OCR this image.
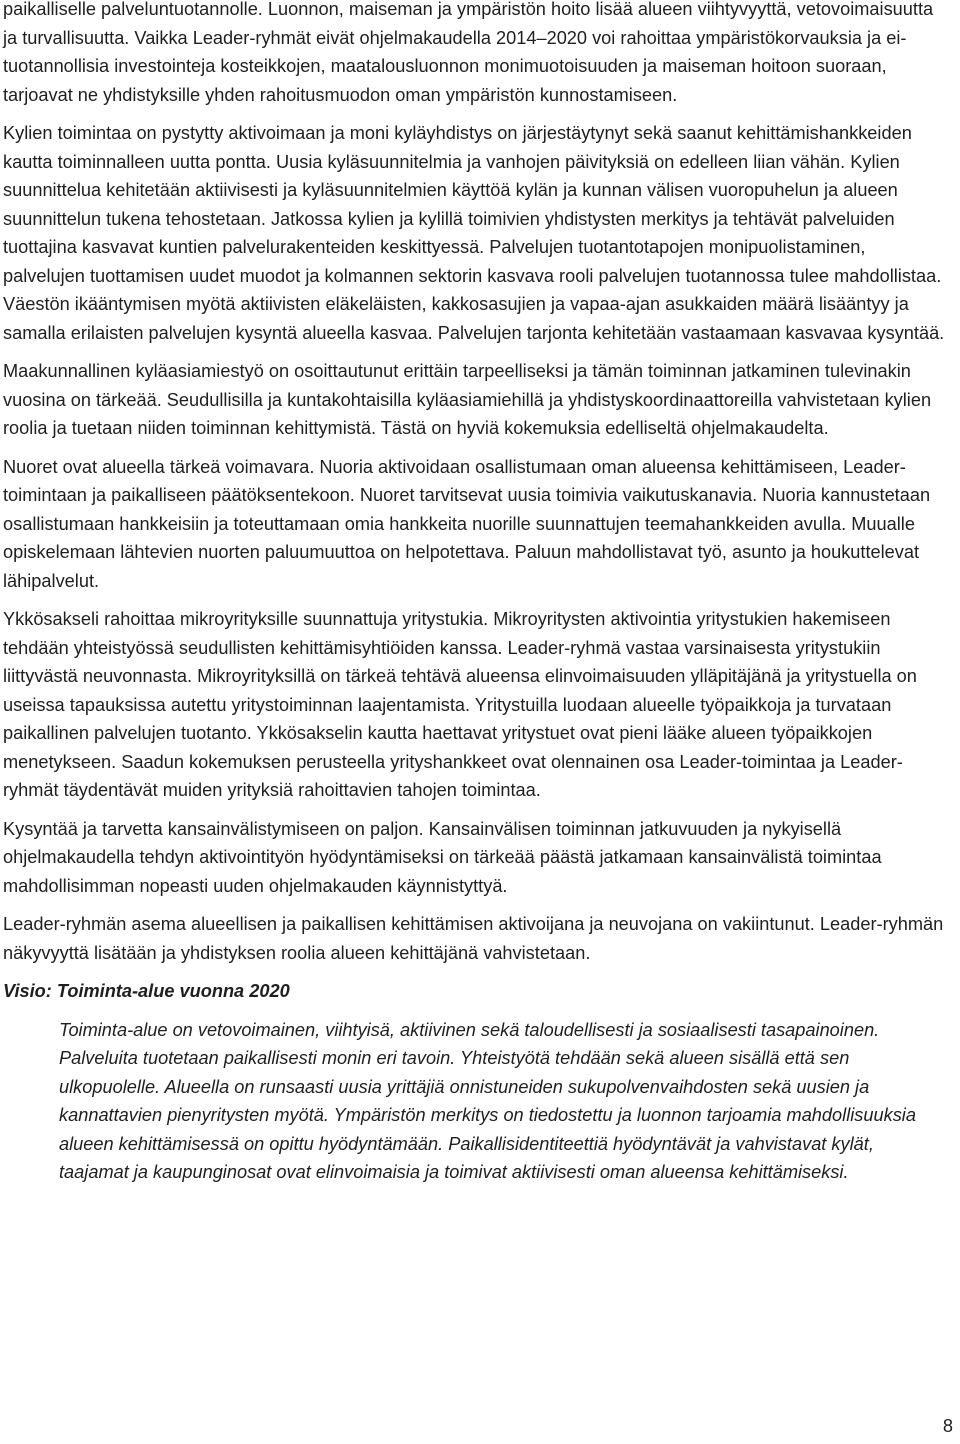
paikalliselle palveluntuotannolle. Luonnon, maiseman ja ympäristön hoito lisää alueen viihtyvyyttä, vetovoimaisuutta ja turvallisuutta. Vaikka Leader-ryhmät eivät ohjelmakaudella 2014–2020 voi rahoittaa ympäristökorvauksia ja ei-tuotannollisia investointeja kosteikkojen, maatalousluonnon monimuotoisuuden ja maiseman hoitoon suoraan, tarjoavat ne yhdistyksille yhden rahoitusmuodon oman ympäristön kunnostamiseen.

Kylien toimintaa on pystytty aktivoimaan ja moni kyläyhdistys on järjestäytynyt sekä saanut kehittämishankkeiden kautta toiminnalleen uutta pontta. Uusia kyläsuunnitelmia ja vanhojen päivityksiä on edelleen liian vähän. Kylien suunnittelua kehitetään aktiivisesti ja kyläsuunnitelmien käyttöä kylän ja kunnan välisen vuoropuhelun ja alueen suunnittelun tukena tehostetaan. Jatkossa kylien ja kylillä toimivien yhdistysten merkitys ja tehtävät palveluiden tuottajina kasvavat kuntien palvelurakenteiden keskittyessä. Palvelujen tuotantotapojen monipuolistaminen, palvelujen tuottamisen uudet muodot ja kolmannen sektorin kasvava rooli palvelujen tuotannossa tulee mahdollistaa. Väestön ikääntymisen myötä aktiivisten eläkeläisten, kakkosasujien ja vapaa-ajan asukkaiden määrä lisääntyy ja samalla erilaisten palvelujen kysyntä alueella kasvaa. Palvelujen tarjonta kehitetään vastaamaan kasvavaa kysyntää.

Maakunnallinen kyläasiamiestyö on osoittautunut erittäin tarpeelliseksi ja tämän toiminnan jatkaminen tulevinakin vuosina on tärkeää. Seudullisilla ja kuntakohtaisilla kyläasiamiehillä ja yhdistyskoordinaattoreilla vahvistetaan kylien roolia ja tuetaan niiden toiminnan kehittymistä. Tästä on hyviä kokemuksia edelliseltä ohjelmakaudelta.

Nuoret ovat alueella tärkeä voimavara. Nuoria aktivoidaan osallistumaan oman alueensa kehittämiseen, Leader-toimintaan ja paikalliseen päätöksentekoon. Nuoret tarvitsevat uusia toimivia vaikutuskanavia. Nuoria kannustetaan osallistumaan hankkeisiin ja toteuttamaan omia hankkeita nuorille suunnattujen teemahankkeiden avulla. Muualle opiskelemaan lähtevien nuorten paluumuuttoa on helpotettava. Paluun mahdollistavat työ, asunto ja houkuttelevat lähipalvelut.

Ykkösakseli rahoittaa mikroyrityksille suunnattuja yritystukia. Mikroyritysten aktivointia yritystukien hakemiseen tehdään yhteistyössä seudullisten kehittämisyhtiöiden kanssa. Leader-ryhmä vastaa varsinaisesta yritystukiin liittyvästä neuvonnasta. Mikroyrityksillä on tärkeä tehtävä alueensa elinvoimaisuuden ylläpitäjänä ja yritystuella on useissa tapauksissa autettu yritystoiminnan laajentamista. Yritystuilla luodaan alueelle työpaikkoja ja turvataan paikallinen palvelujen tuotanto. Ykkösakselin kautta haettavat yritystuet ovat pieni lääke alueen työpaikkojen menetykseen. Saadun kokemuksen perusteella yrityshankkeet ovat olennainen osa Leader-toimintaa ja Leader-ryhmät täydentävät muiden yrityksiä rahoittavien tahojen toimintaa.

Kysyntää ja tarvetta kansainvälistymiseen on paljon. Kansainvälisen toiminnan jatkuvuuden ja nykyisellä ohjelmakaudella tehdyn aktivointityön hyödyntämiseksi on tärkeää päästä jatkamaan kansainvälistä toimintaa mahdollisimman nopeasti uuden ohjelmakauden käynnistyttyä.

Leader-ryhmän asema alueellisen ja paikallisen kehittämisen aktivoijana ja neuvojana on vakiintunut. Leader-ryhmän näkyvyyttä lisätään ja yhdistyksen roolia alueen kehittäjänä vahvistetaan.

Visio: Toiminta-alue vuonna 2020

Toiminta-alue on vetovoimainen, viihtyisä, aktiivinen sekä taloudellisesti ja sosiaalisesti tasapainoinen. Palveluita tuotetaan paikallisesti monin eri tavoin. Yhteistyötä tehdään sekä alueen sisällä että sen ulkopuolelle. Alueella on runsaasti uusia yrittäjiä onnistuneiden sukupolvenvaihdosten sekä uusien ja kannattavien pienyritysten myötä. Ympäristön merkitys on tiedostettu ja luonnon tarjoamia mahdollisuuksia alueen kehittämisessä on opittu hyödyntämään. Paikallisidentiteettiä hyödyntävät ja vahvistavat kylät, taajamat ja kaupunginosat ovat elinvoimaisia ja toimivat aktiivisesti oman alueensa kehittämiseksi.

8
